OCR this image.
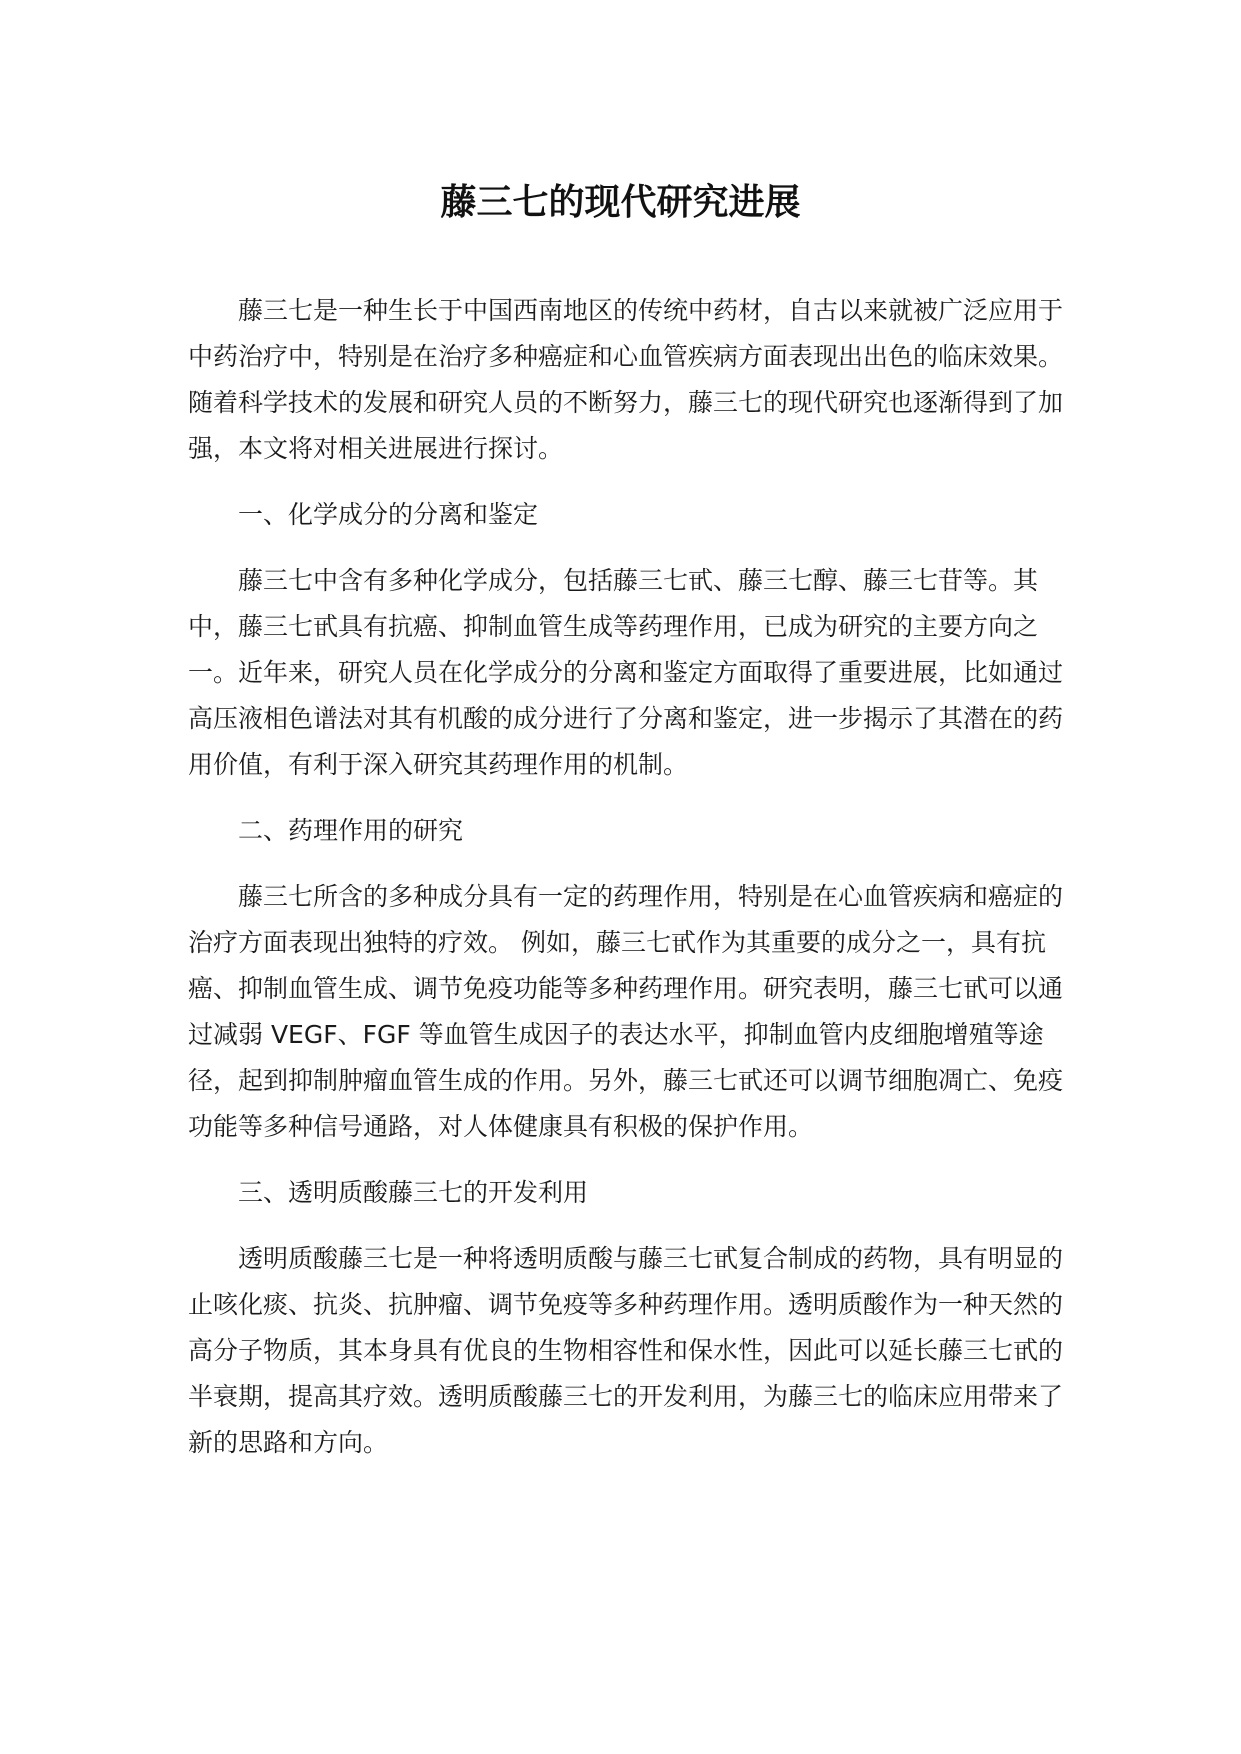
藤三七的现代研究进展

藤三七是一种生长于中国西南地区的传统中药材，自古以来就被广泛应用于中药治疗中，特别是在治疗多种癌症和心血管疾病方面表现出出色的临床效果。随着科学技术的发展和研究人员的不断努力，藤三七的现代研究也逐渐得到了加强，本文将对相关进展进行探讨。

一、化学成分的分离和鉴定

藤三七中含有多种化学成分，包括藤三七甙、藤三七醇、藤三七苷等。其中，藤三七甙具有抗癌、抑制血管生成等药理作用，已成为研究的主要方向之一。近年来，研究人员在化学成分的分离和鉴定方面取得了重要进展，比如通过高压液相色谱法对其有机酸的成分进行了分离和鉴定，进一步揭示了其潜在的药用价值，有利于深入研究其药理作用的机制。

二、药理作用的研究

藤三七所含的多种成分具有一定的药理作用，特别是在心血管疾病和癌症的治疗方面表现出独特的疗效。 例如，藤三七甙作为其重要的成分之一，具有抗癌、抑制血管生成、调节免疫功能等多种药理作用。研究表明，藤三七甙可以通过减弱 VEGF、FGF 等血管生成因子的表达水平，抑制血管内皮细胞增殖等途径，起到抑制肿瘤血管生成的作用。另外，藤三七甙还可以调节细胞凋亡、免疫功能等多种信号通路，对人体健康具有积极的保护作用。

三、透明质酸藤三七的开发利用

透明质酸藤三七是一种将透明质酸与藤三七甙复合制成的药物，具有明显的止咳化痰、抗炎、抗肿瘤、调节免疫等多种药理作用。透明质酸作为一种天然的高分子物质，其本身具有优良的生物相容性和保水性，因此可以延长藤三七甙的半衰期，提高其疗效。透明质酸藤三七的开发利用，为藤三七的临床应用带来了新的思路和方向。
